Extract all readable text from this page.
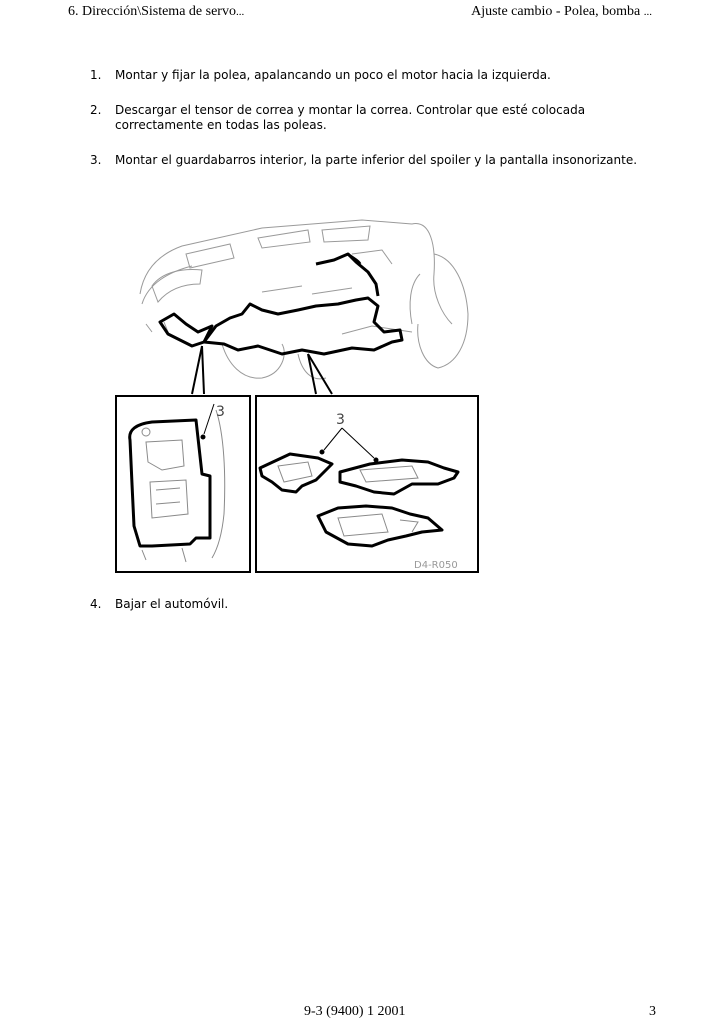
6. Dirección\Sistema de servo...	Ajuste cambio - Polea, bomba ...
1.	Montar y fijar la polea, apalancando un poco el motor hacia la izquierda.
2.	Descargar el tensor de correa y montar la correa. Controlar que esté colocada correctamente en todas las poleas.
3.	Montar el guardabarros interior, la parte inferior del spoiler y la pantalla insonorizante.
4.	Bajar el automóvil.
3	3
D4-R050
9-3 (9400) 1 2001	3
